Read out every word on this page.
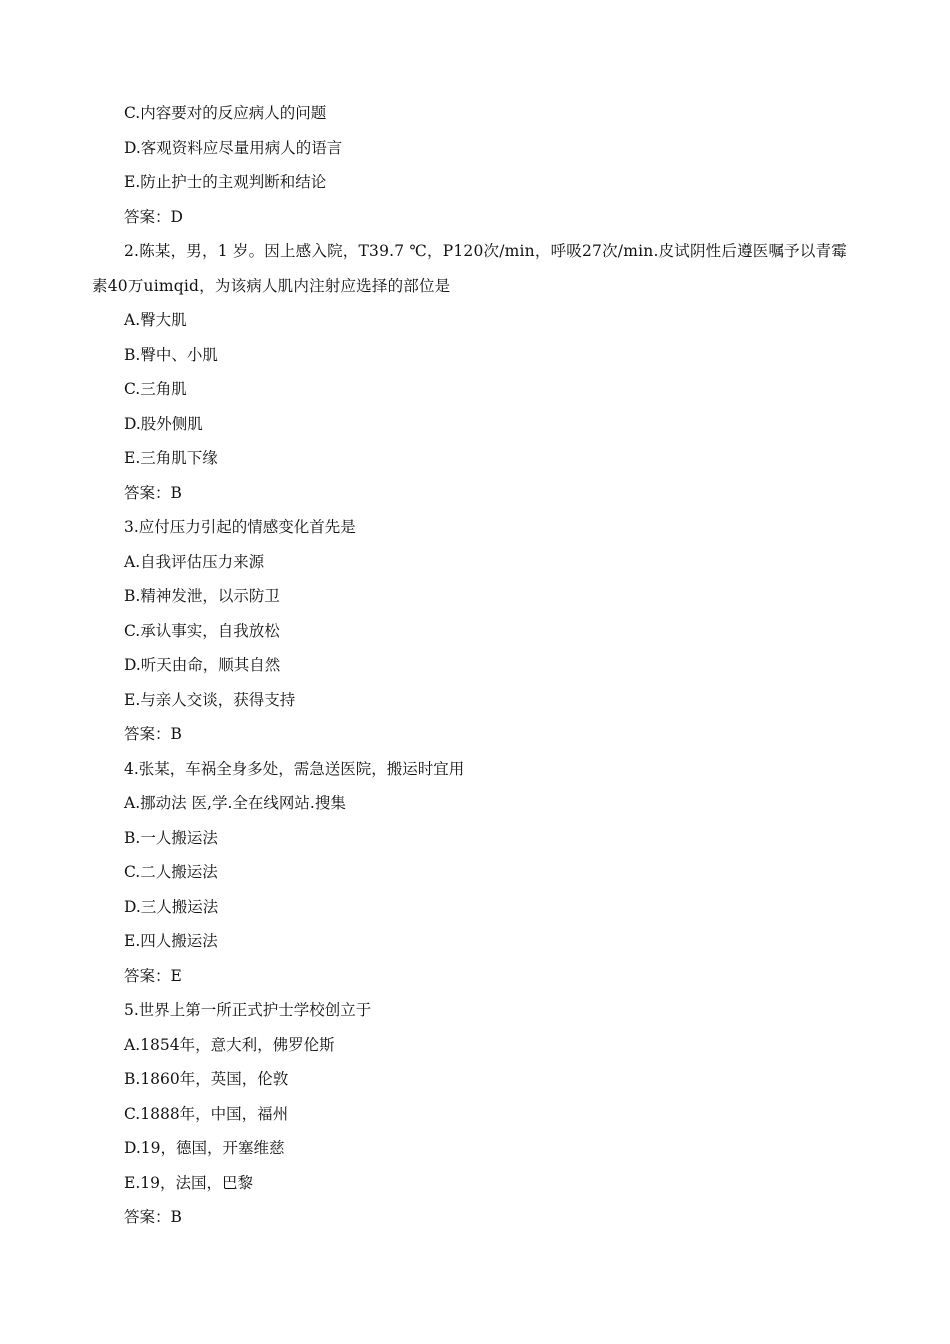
C.内容要对的反应病人的问题
D.客观资料应尽量用病人的语言
E.防止护士的主观判断和结论
答案：D
2.陈某，男，1 岁。因上感入院，T39.7 ℃，P120次/min，呼吸27次/min.皮试阴性后遵医嘱予以青霉素40万uimqid，为该病人肌内注射应选择的部位是
A.臀大肌
B.臀中、小肌
C.三角肌
D.股外侧肌
E.三角肌下缘
答案：B
3.应付压力引起的情感变化首先是
A.自我评估压力来源
B.精神发泄，以示防卫
C.承认事实，自我放松
D.听天由命，顺其自然
E.与亲人交谈，获得支持
答案：B
4.张某，车祸全身多处，需急送医院，搬运时宜用
A.挪动法 医,学.全在线网站.搜集
B.一人搬运法
C.二人搬运法
D.三人搬运法
E.四人搬运法
答案：E
5.世界上第一所正式护士学校创立于
A.1854年，意大利，佛罗伦斯
B.1860年，英国，伦敦
C.1888年，中国，福州
D.19，德国，开塞维慈
E.19，法国，巴黎
答案：B
